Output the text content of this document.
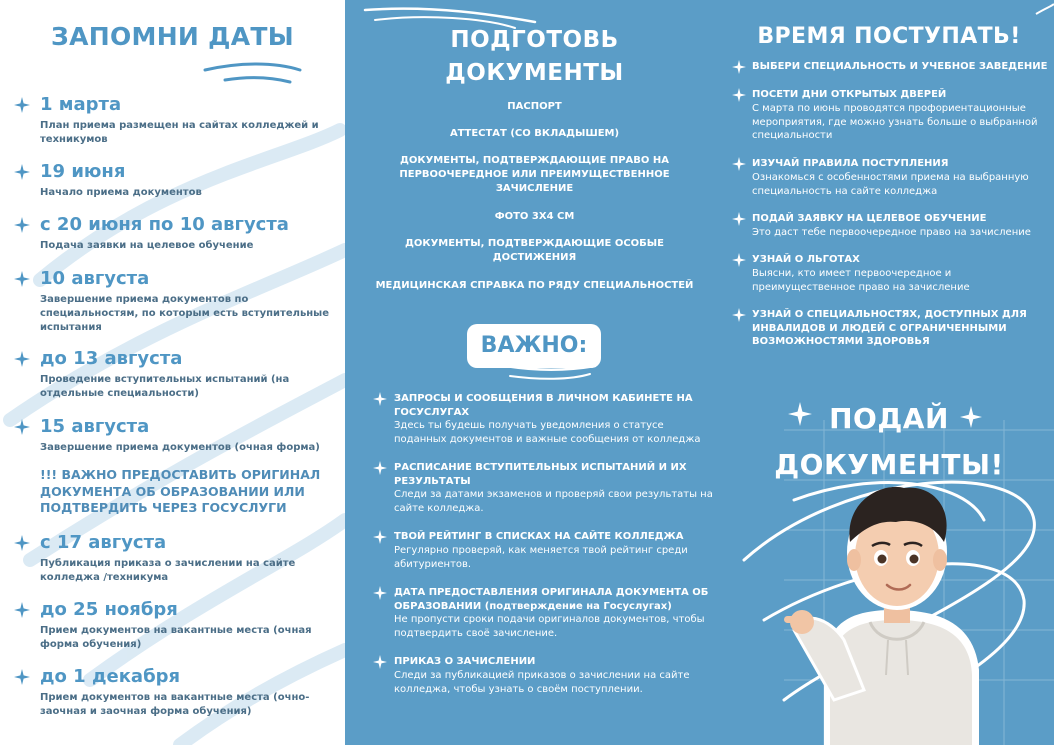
ЗАПОМНИ ДАТЫ
1 марта
План приема размещен на сайтах колледжей и техникумов
19 июня
Начало приема документов
с 20 июня по 10 августа
Подача заявки на целевое обучение
10 августа
Завершение приема документов по специальностям, по которым есть вступительные испытания
до 13 августа
Проведение вступительных испытаний (на отдельные специальности)
15 августа
Завершение приема документов (очная форма)
!!! ВАЖНО ПРЕДОСТАВИТЬ ОРИГИНАЛ ДОКУМЕНТА ОБ ОБРАЗОВАНИИ ИЛИ ПОДТВЕРДИТЬ ЧЕРЕЗ ГОСУСЛУГИ
с 17 августа
Публикация приказа о зачислении на сайте колледжа /техникума
до 25 ноября
Прием документов на вакантные места (очная форма обучения)
до 1 декабря
Прием документов на вакантные места (очно-заочная и заочная форма обучения)
ПОДГОТОВЬ
ДОКУМЕНТЫ
ПАСПОРТ
АТТЕСТАТ (СО ВКЛАДЫШЕМ)
ДОКУМЕНТЫ, ПОДТВЕРЖДАЮЩИЕ ПРАВО НА ПЕРВООЧЕРЕДНОЕ ИЛИ ПРЕИМУЩЕСТВЕННОЕ ЗАЧИСЛЕНИЕ
ФОТО 3Х4 СМ
ДОКУМЕНТЫ, ПОДТВЕРЖДАЮЩИЕ ОСОБЫЕ ДОСТИЖЕНИЯ
МЕДИЦИНСКАЯ СПРАВКА ПО РЯДУ СПЕЦИАЛЬНОСТЕЙ
ВАЖНО:
ЗАПРОСЫ И СООБЩЕНИЯ В ЛИЧНОМ КАБИНЕТЕ НА ГОСУСЛУГАХ
Здесь ты будешь получать уведомления о статусе поданных документов и важные сообщения от колледжа
РАСПИСАНИЕ ВСТУПИТЕЛЬНЫХ ИСПЫТАНИЙ И ИХ РЕЗУЛЬТАТЫ
Следи за датами экзаменов и проверяй свои результаты на сайте колледжа.
ТВОЙ РЕЙТИНГ В СПИСКАХ НА САЙТЕ КОЛЛЕДЖА
Регулярно проверяй, как меняется твой рейтинг среди абитуриентов.
ДАТА ПРЕДОСТАВЛЕНИЯ ОРИГИНАЛА ДОКУМЕНТА ОБ ОБРАЗОВАНИИ (подтверждение на Госуслугах)
Не пропусти сроки подачи оригиналов документов, чтобы подтвердить своё зачисление.
ПРИКАЗ О ЗАЧИСЛЕНИИ
Следи за публикацией приказов о зачислении на сайте колледжа, чтобы узнать о своём поступлении.
ВРЕМЯ ПОСТУПАТЬ!
ВЫБЕРИ СПЕЦИАЛЬНОСТЬ И УЧЕБНОЕ ЗАВЕДЕНИЕ
ПОСЕТИ ДНИ ОТКРЫТЫХ ДВЕРЕЙ
С марта по июнь проводятся профориентационные мероприятия, где можно узнать больше о выбранной специальности
ИЗУЧАЙ ПРАВИЛА ПОСТУПЛЕНИЯ
Ознакомься с особенностями приема на выбранную специальность на сайте колледжа
ПОДАЙ ЗАЯВКУ НА ЦЕЛЕВОЕ ОБУЧЕНИЕ
Это даст тебе первоочередное право на зачисление
УЗНАЙ О ЛЬГОТАХ
Выясни, кто имеет первоочередное и преимущественное право на зачисление
УЗНАЙ О СПЕЦИАЛЬНОСТЯХ, ДОСТУПНЫХ ДЛЯ ИНВАЛИДОВ И ЛЮДЕЙ С ОГРАНИЧЕННЫМИ ВОЗМОЖНОСТЯМИ ЗДОРОВЬЯ
ПОДАЙ
ДОКУМЕНТЫ!
